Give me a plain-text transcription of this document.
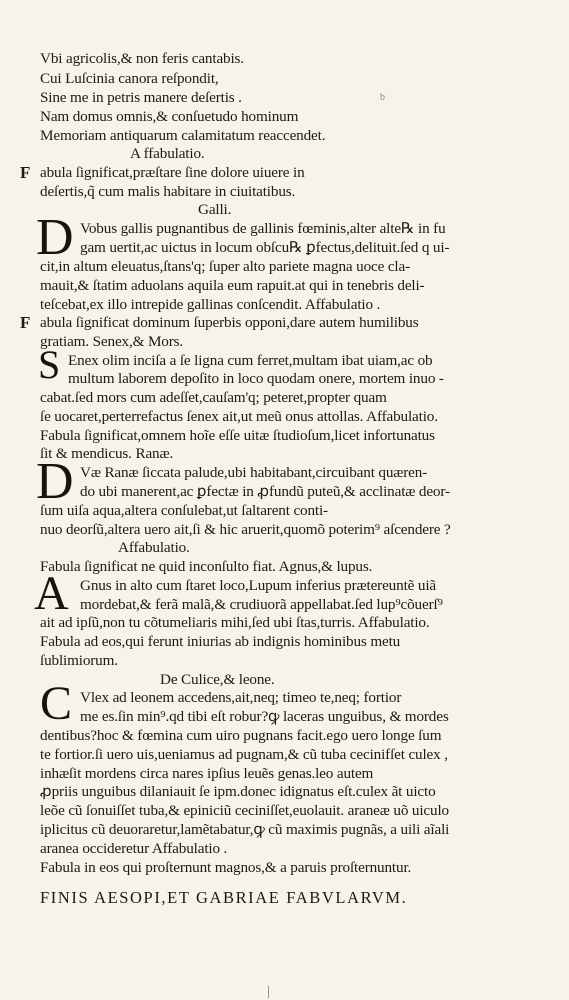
Vbi agricolis,& non feris cantabis.
Cui Luſcinia canora reſpondit,
Sine me in petris manere deſertis .	b
Nam domus omnis,& conſuetudo hominum
Memoriam antiquarum calamitatum reaccendet.
A ffabulatio.
F abula ſignificat,præſtare ſine dolore uiuere in
deſertis,q̃ cum malis habitare in ciuitatibus.
Galli.
D Vobus gallis pugnantibus de gallinis fœminis,alter alte℞ in fu
gam uertit,ac uictus in locum obſcu℞ ꝑfectus,delituit.ſed q ui-
cit,in altum eleuatus,ſtans'q; ſuper alto pariete magna uoce cla-
mauit,& ſtatim aduolans aquila eum rapuit.at qui in tenebris deli-
teſcebat,ex illo intrepide gallinas conſcendit. Affabulatio .
F abula ſignificat dominum ſuperbis opponi,dare autem humilibus
gratiam. Senex,& Mors.
S Enex olim inciſa a ſe ligna cum ferret,multam ibat uiam,ac ob
multum laborem depoſito in loco quodam onere, mortem inuo -
cabat.ſed mors cum adeſſet,cauſam'q; peteret,propter quam
ſe uocaret,perterrefactus ſenex ait,ut meũ onus attollas. Affabulatio.
Fabula ſignificat,omnem hoĩe eſſe uitæ ſtudioſum,licet infortunatus
ſit & mendicus. Ranæ.
D Væ Ranæ ſiccata palude,ubi habitabant,circuibant quæren-
do ubi manerent,ac ꝑfectæ in ꝓfundũ puteũ,& acclinatæ deor-
ſum uiſa aqua,altera conſulebat,ut ſaltarent conti-
nuo deorſũ,altera uero ait,ſi & hic aruerit,quomõ poterim⁹ aſcendere ?
Affabulatio.
Fabula ſignificat ne quid inconſulto fiat. Agnus,& lupus.
A Gnus in alto cum ſtaret loco,Lupum inferius prætereuntẽ uiã
mordebat,& ferã malã,& crudiuorã appellabat.ſed lup⁹cõuerſ⁹
ait ad ipſũ,non tu cõtumeliaris mihi,ſed ubi ſtas,turris. Affabulatio.
Fabula ad eos,qui ferunt iniurias ab indignis hominibus metu
ſublimiorum.
De Culice,& leone.
C Vlex ad leonem accedens,ait,neq; timeo te,neq; fortior
me es.ſin min⁹.qd tibi eſt robur?ꝙ laceras unguibus, & mordes
dentibus?hoc & fœmina cum uiro pugnans facit.ego uero longe ſum
te fortior.ſi uero uis,ueniamus ad pugnam,& cũ tuba cecinifſet culex ,
inhæſit mordens circa nares ipſius leuẽs genas.leo autem
ꝓpriis unguibus dilaniauit ſe ipm.donec idignatus eſt.culex ãt uicto
leõe cũ ſonuiſſet tuba,& epiniciũ ceciniſſet,euolauit. araneæ uõ uiculo
iplicitus cũ deuoraretur,lamẽtabatur,ꝙ cũ maximis pugnãs, a uili aĩali
aranea occideretur Affabulatio .
Fabula in eos qui proſternunt magnos,& a paruis proſternuntur.
FINIS AESOPI,ET GABRIAE FABVLARVM.
